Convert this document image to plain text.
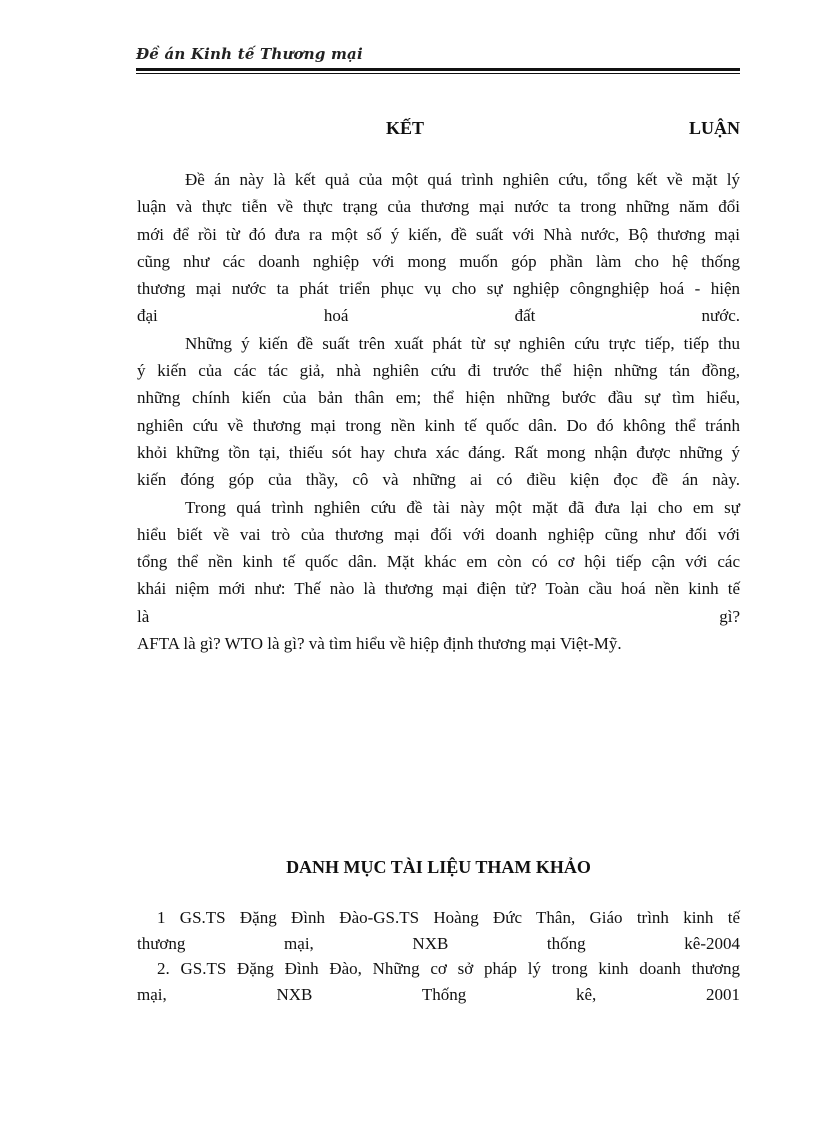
Đề án Kinh tế Thương mại
KẾT	LUẬN

Đề án này là kết quả của một quá trình nghiên cứu, tổng kết về mặt lý
luận và thực tiễn về thực trạng của thương mại nước ta trong những năm đổi
mới để rồi từ đó đưa ra một số ý kiến, đề suất với Nhà nước, Bộ thương mại
cũng như các doanh nghiệp với mong muốn góp phần làm cho hệ thống
thương mại nước ta phát triển phục vụ cho sự nghiệp côngnghiệp hoá - hiện
đại hoá đất nước.

Những ý kiến đề suất trên xuất phát từ sự nghiên cứu trực tiếp, tiếp thu
ý kiến của các tác giả, nhà nghiên cứu đi trước thể hiện những tán đồng,
những chính kiến của bản thân em; thể hiện những bước đầu sự tìm hiểu,
nghiên cứu về thương mại trong nền kinh tế quốc dân. Do đó không thể tránh
khỏi khững tồn tại, thiếu sót hay chưa xác đáng. Rất mong nhận được những ý
kiến đóng góp của thầy, cô và những ai có điều kiện đọc đề án này.

Trong quá trình nghiên cứu đề tài này một mặt đã đưa lại cho em sự
hiểu biết về vai trò của thương mại đối với doanh nghiệp cũng như đối với
tổng thể nền kinh tế quốc dân. Mặt khác em còn có cơ hội tiếp cận với các
khái niệm mới như: Thế nào là thương mại điện tử? Toàn cầu hoá nền kinh tế
là gì?
AFTA là gì? WTO là gì? và tìm hiểu về hiệp định thương mại Việt-Mỹ.

DANH MỤC TÀI LIỆU THAM KHẢO
1 GS.TS Đặng Đình Đào-GS.TS Hoàng Đức Thân, Giáo trình kinh tế
thương mại, NXB thống kê-2004
2. GS.TS Đặng Đình Đào, Những cơ sở pháp lý trong kinh doanh thương
mại, NXB Thống kê, 2001
